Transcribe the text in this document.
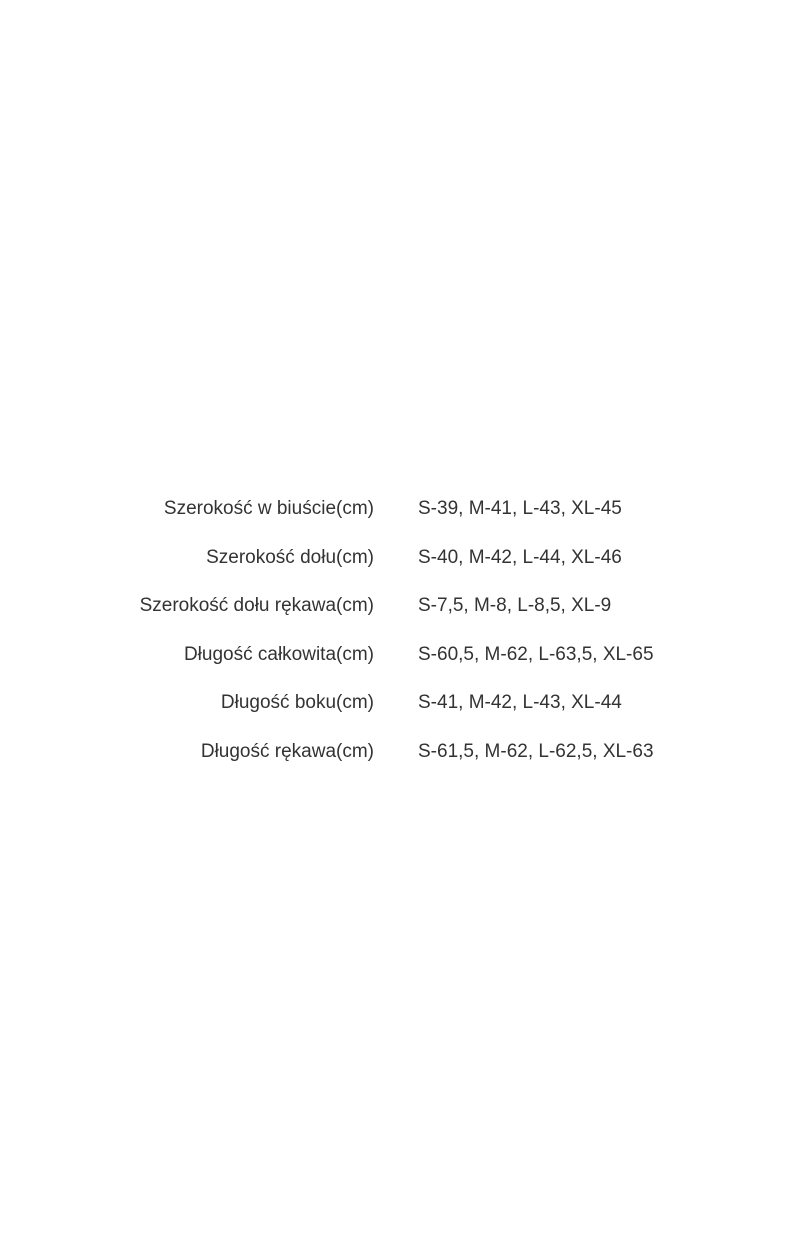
Szerokość w biuście(cm) S-39, M-41, L-43, XL-45
Szerokość dołu(cm) S-40, M-42, L-44, XL-46
Szerokość dołu rękawa(cm) S-7,5, M-8, L-8,5, XL-9
Długość całkowita(cm) S-60,5, M-62, L-63,5, XL-65
Długość boku(cm) S-41, M-42, L-43, XL-44
Długość rękawa(cm) S-61,5, M-62, L-62,5, XL-63
